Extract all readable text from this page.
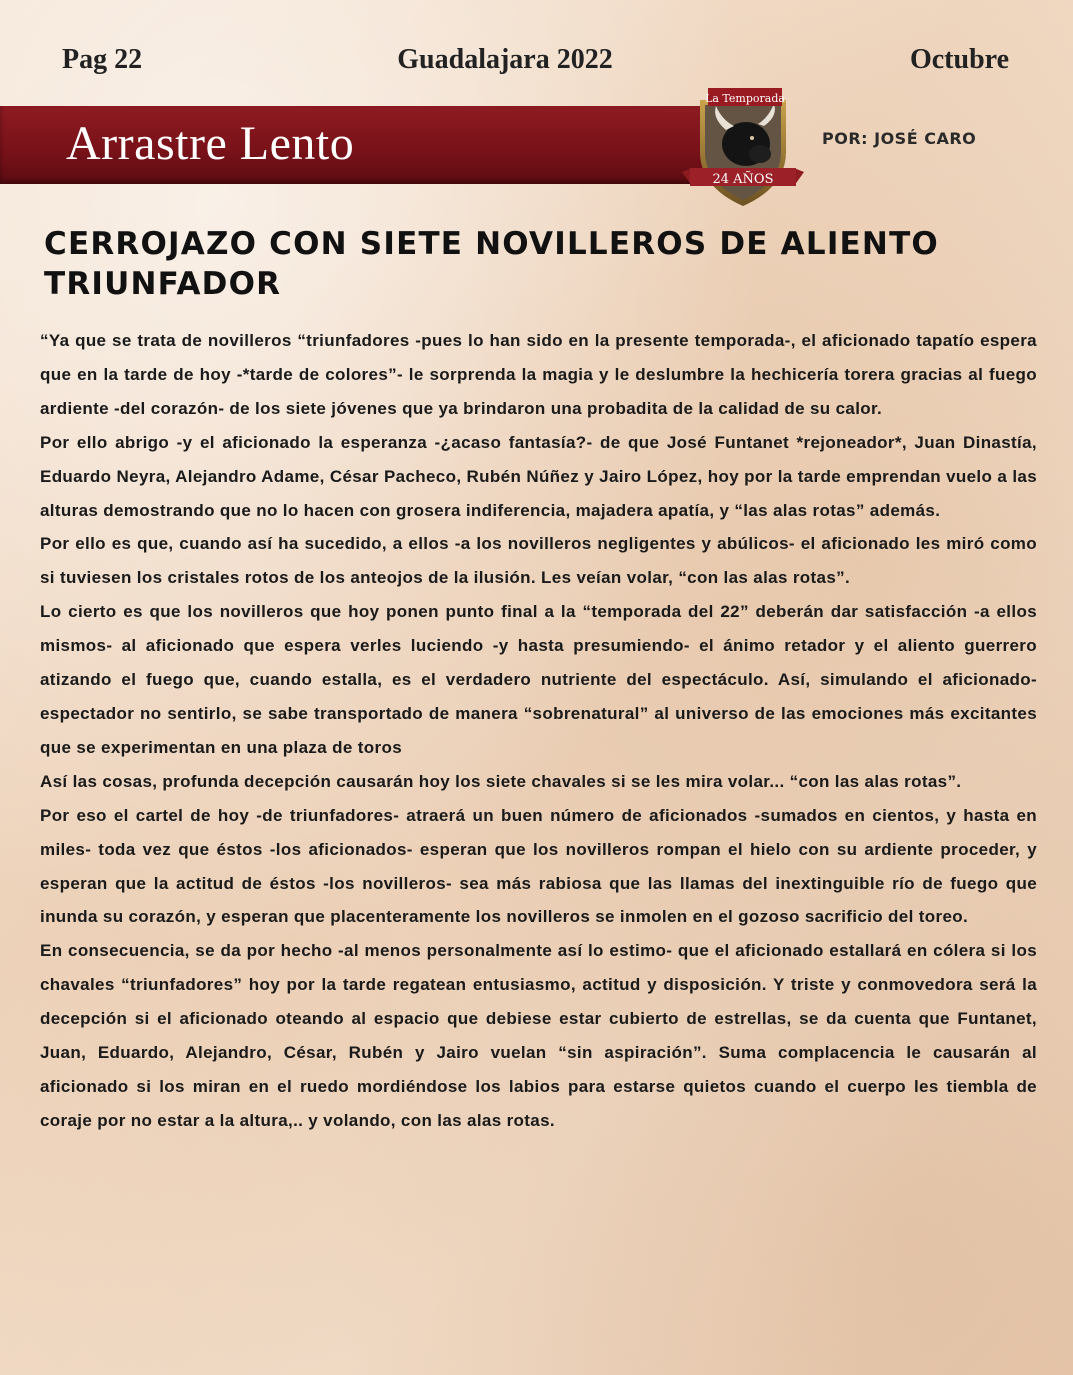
Pag 22	Guadalajara 2022	Octubre
Arrastre Lento
La Temporada
24 AÑOS
POR: JOSÉ CARO
CERROJAZO CON SIETE NOVILLEROS DE ALIENTO TRIUNFADOR

“Ya que se trata de novilleros “triunfadores -pues lo han sido en la presente temporada-, el aficionado tapatío espera que en la tarde de hoy -*tarde de colores”- le sorprenda la magia y le deslumbre la hechicería torera gracias al fuego ardiente -del corazón- de los siete jóvenes que ya brindaron una probadita de la calidad de su calor.

Por ello abrigo -y el aficionado la esperanza -¿acaso fantasía?- de que José Funtanet *rejoneador*, Juan Dinastía, Eduardo Neyra, Alejandro Adame, César Pacheco, Rubén Núñez y Jairo López, hoy por la tarde emprendan vuelo a las alturas demostrando que no lo hacen con grosera indiferencia, majadera apatía, y “las alas rotas” además.

Por ello es que, cuando así ha sucedido, a ellos -a los novilleros negligentes y abúlicos- el aficionado les miró como si tuviesen los cristales rotos de los anteojos de la ilusión. Les veían volar, “con las alas rotas”.

Lo cierto es que los novilleros que hoy ponen punto final a la “temporada del 22” deberán dar satisfacción -a ellos mismos- al aficionado que espera verles luciendo -y hasta presumiendo- el ánimo retador y el aliento guerrero atizando el fuego que, cuando estalla, es el verdadero nutriente del espectáculo. Así, simulando el aficionado-espectador no sentirlo, se sabe transportado de manera “sobrenatural” al universo de las emociones más excitantes que se experimentan en una plaza de toros

Así las cosas, profunda decepción causarán hoy los siete chavales si se les mira volar... “con las alas rotas”.

Por eso el cartel de hoy -de triunfadores- atraerá un buen número de aficionados -sumados en cientos, y hasta en miles- toda vez que éstos -los aficionados- esperan que los novilleros rompan el hielo con su ardiente proceder, y esperan que la actitud de éstos -los novilleros- sea más rabiosa que las llamas del inextinguible río de fuego que inunda su corazón, y esperan que placenteramente los novilleros se inmolen en el gozoso sacrificio del toreo.

En consecuencia, se da por hecho -al menos personalmente así lo estimo- que el aficionado estallará en cólera si los chavales “triunfadores” hoy por la tarde regatean entusiasmo, actitud y disposición. Y triste y conmovedora será la decepción si el aficionado oteando al espacio que debiese estar cubierto de estrellas, se da cuenta que Funtanet, Juan, Eduardo, Alejandro, César, Rubén y Jairo vuelan “sin aspiración”. Suma complacencia le causarán al aficionado si los miran en el ruedo mordiéndose los labios para estarse quietos cuando el cuerpo les tiembla de coraje por no estar a la altura,.. y volando, con las alas rotas.
